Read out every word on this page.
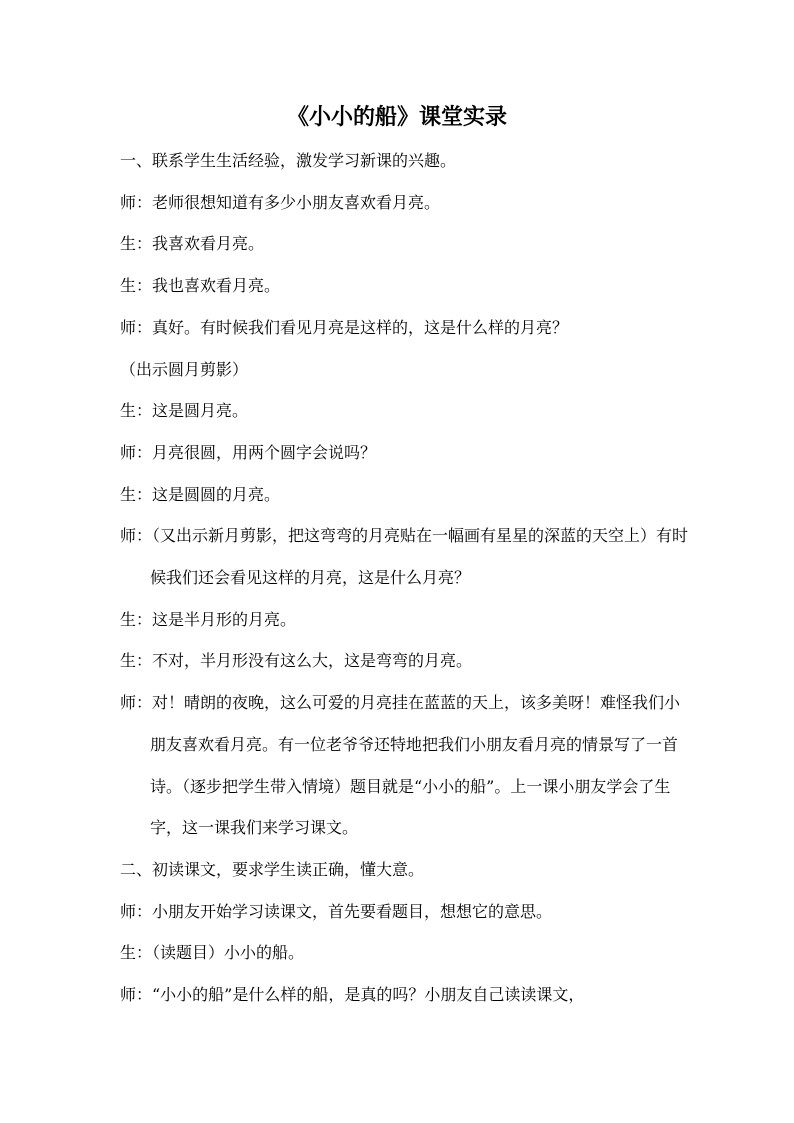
《小小的船》课堂实录

一、联系学生生活经验，激发学习新课的兴趣。

师：老师很想知道有多少小朋友喜欢看月亮。

生：我喜欢看月亮。

生：我也喜欢看月亮。

师：真好。有时候我们看见月亮是这样的，这是什么样的月亮？

（出示圆月剪影）

生：这是圆月亮。

师：月亮很圆，用两个圆字会说吗？

生：这是圆圆的月亮。

师：（又出示新月剪影，把这弯弯的月亮贴在一幅画有星星的深蓝的天空上）有时候我们还会看见这样的月亮，这是什么月亮？

生：这是半月形的月亮。

生：不对，半月形没有这么大，这是弯弯的月亮。

师：对！晴朗的夜晚，这么可爱的月亮挂在蓝蓝的天上，该多美呀！难怪我们小朋友喜欢看月亮。有一位老爷爷还特地把我们小朋友看月亮的情景写了一首诗。（逐步把学生带入情境）题目就是“小小的船”。上一课小朋友学会了生字，这一课我们来学习课文。

二、初读课文，要求学生读正确，懂大意。

师：小朋友开始学习读课文，首先要看题目，想想它的意思。

生：（读题目）小小的船。

师：“小小的船”是什么样的船，是真的吗？小朋友自己读读课文，
